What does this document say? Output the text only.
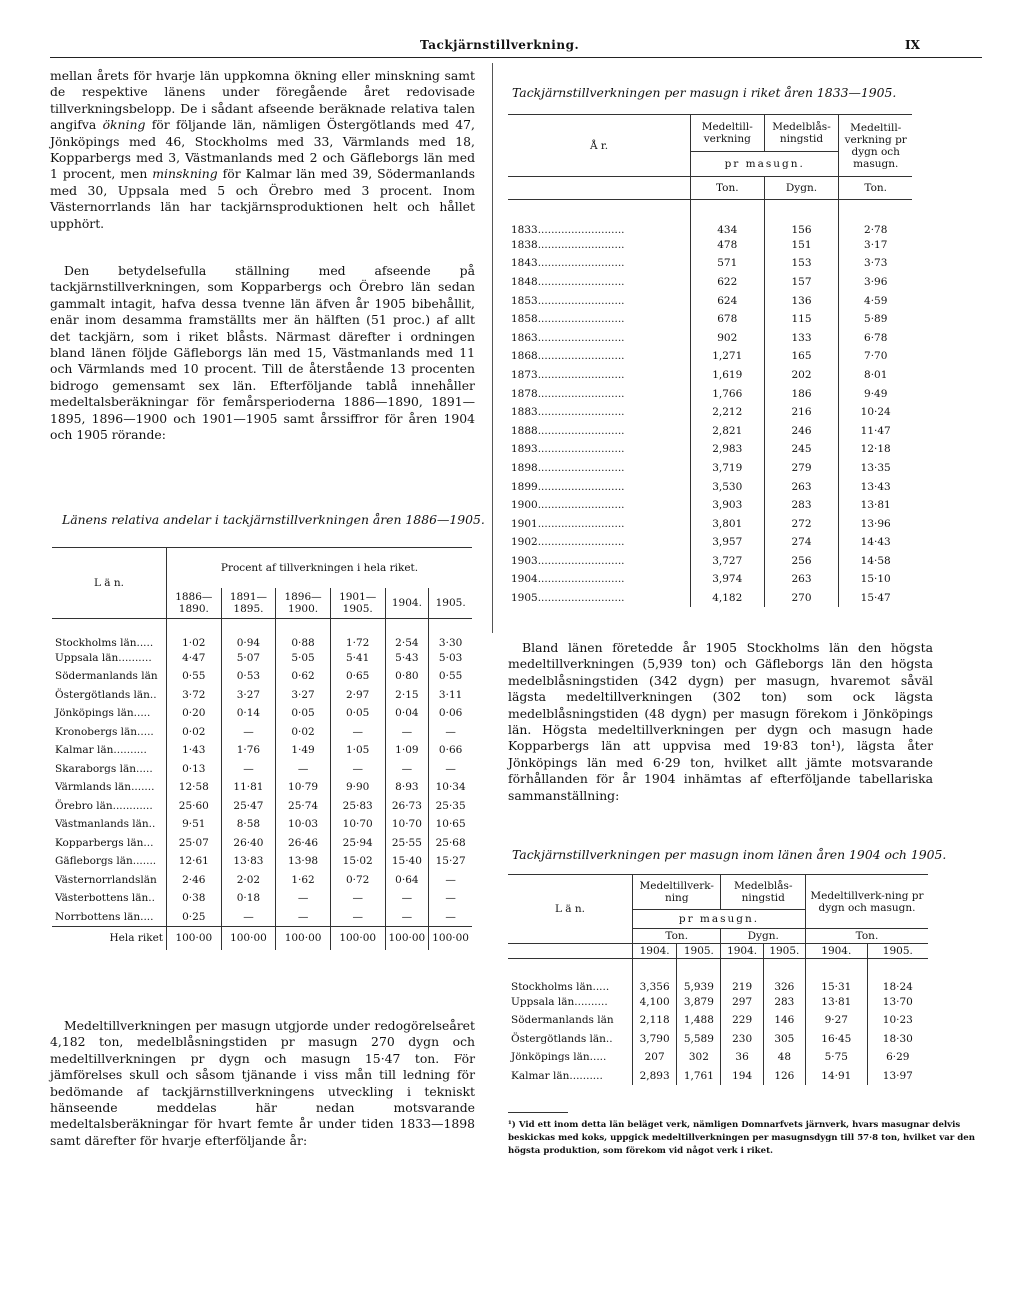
Tackjärnstillverkning.	IX

mellan årets för hvarje län uppkomna ökning eller minskning samt de respektive länens under föregående året redovisade tillverkningsbelopp. De i sådant afseende beräknade relativa talen angifva ökning för följande län, nämligen Östergötlands med 47, Jönköpings med 46, Stockholms med 33, Värmlands med 18, Kopparbergs med 3, Västmanlands med 2 och Gäfleborgs län med 1 procent, men minskning för Kalmar län med 39, Södermanlands med 30, Uppsala med 5 och Örebro med 3 procent. Inom Västernorrlands län har tackjärnsproduktionen helt och hållet upphört.

Den betydelsefulla ställning med afseende på tackjärnstillverkningen, som Kopparbergs och Örebro län sedan gammalt intagit, hafva dessa tvenne län äfven år 1905 bibehållit, enär inom desamma framställts mer än hälften (51 proc.) af allt det tackjärn, som i riket blåsts. Närmast därefter i ordningen bland länen följde Gäfleborgs län med 15, Västmanlands med 11 och Värmlands med 10 procent. Till de återstående 13 procenten bidrogo gemensamt sex län. Efterföljande tablå innehåller medeltalsberäkningar för femårsperioderna 1886—1890, 1891—1895, 1896—1900 och 1901—1905 samt årssiffror för åren 1904 och 1905 rörande:

Länens relativa andelar i tackjärnstillverkningen åren 1886—1905.
L ä n.	Procent af tillverkningen i hela riket.					
	1886—1890.	1891—1895.	1896—1900.	1901—1905.	1904.	1905.
Stockholms län.....	1·02	0·94	0·88	1·72	2·54	3·30
Uppsala län..........	4·47	5·07	5·05	5·41	5·43	5·03
Södermanlands län	0·55	0·53	0·62	0·65	0·80	0·55
Östergötlands län..	3·72	3·27	3·27	2·97	2·15	3·11
Jönköpings län.....	0·20	0·14	0·05	0·05	0·04	0·06
Kronobergs län.....	0·02	—	0·02	—	—	—
Kalmar län..........	1·43	1·76	1·49	1·05	1·09	0·66
Skaraborgs län.....	0·13	—	—	—	—	—
Värmlands län.......	12·58	11·81	10·79	9·90	8·93	10·34
Örebro län............	25·60	25·47	25·74	25·83	26·73	25·35
Västmanlands län..	9·51	8·58	10·03	10·70	10·70	10·65
Kopparbergs län...	25·07	26·40	26·46	25·94	25·55	25·68
Gäfleborgs län.......	12·61	13·83	13·98	15·02	15·40	15·27
Västernorrlandslän	2·46	2·02	1·62	0·72	0·64	—
Västerbottens län..	0·38	0·18	—	—	—	—
Norrbottens län....	0·25	—	—	—	—	—
Hela riket	100·00	100·00	100·00	100·00	100·00	100·00

Medeltillverkningen per masugn utgjorde under redogörelseåret 4,182 ton, medelblåsningstiden pr masugn 270 dygn och medeltillverkningen pr dygn och masugn 15·47 ton. För jämförelses skull och såsom tjänande i viss mån till ledning för bedömande af tackjärnstillverkningens utveckling i tekniskt hänseende meddelas här nedan motsvarande medeltalsberäkningar för hvart femte år under tiden 1833—1898 samt därefter för hvarje efterföljande år:

Tackjärnstillverkningen per masugn i riket åren 1833—1905.
Å r.	Medeltill-verkning	Medelblås-ningstid	Medeltill-verkning pr dygn och masugn.
	pr masugn.		
	Ton.	Dygn.	Ton.
1833..........................	434	156	2·78
1838..........................	478	151	3·17
1843..........................	571	153	3·73
1848..........................	622	157	3·96
1853..........................	624	136	4·59
1858..........................	678	115	5·89
1863..........................	902	133	6·78
1868..........................	1,271	165	7·70
1873..........................	1,619	202	8·01
1878..........................	1,766	186	9·49
1883..........................	2,212	216	10·24
1888..........................	2,821	246	11·47
1893..........................	2,983	245	12·18
1898..........................	3,719	279	13·35
1899..........................	3,530	263	13·43
1900..........................	3,903	283	13·81
1901..........................	3,801	272	13·96
1902..........................	3,957	274	14·43
1903..........................	3,727	256	14·58
1904..........................	3,974	263	15·10
1905..........................	4,182	270	15·47

Bland länen företedde år 1905 Stockholms län den högsta medeltillverkningen (5,939 ton) och Gäfleborgs län den högsta medelblåsningstiden (342 dygn) per masugn, hvaremot såväl lägsta medeltillverkningen (302 ton) som ock lägsta medelblåsningstiden (48 dygn) per masugn förekom i Jönköpings län. Högsta medeltillverkningen per dygn och masugn hade Kopparbergs län att uppvisa med 19·83 ton¹), lägsta åter Jönköpings län med 6·29 ton, hvilket allt jämte motsvarande förhållanden för år 1904 inhämtas af efterföljande tabellariska sammanställning:

Tackjärnstillverkningen per masugn inom länen åren 1904 och 1905.
L ä n.	Medeltillverk-ning		Medelblås-ningstid		Medeltillverk-ning pr dygn och masugn.	
	pr masugn.					
	Ton.		Dygn.		Ton.	
	1904.	1905.	1904.	1905.	1904.	1905.
Stockholms län.....	3,356	5,939	219	326	15·31	18·24
Uppsala län..........	4,100	3,879	297	283	13·81	13·70
Södermanlands län	2,118	1,488	229	146	9·27	10·23
Östergötlands län..	3,790	5,589	230	305	16·45	18·30
Jönköpings län.....	207	302	36	48	5·75	6·29
Kalmar län..........	2,893	1,761	194	126	14·91	13·97

¹) Vid ett inom detta län beläget verk, nämligen Domnarfvets järnverk, hvars masugnar delvis beskickas med koks, uppgick medeltillverkningen per masugnsdygn till 57·8 ton, hvilket var den högsta produktion, som förekom vid något verk i riket.
